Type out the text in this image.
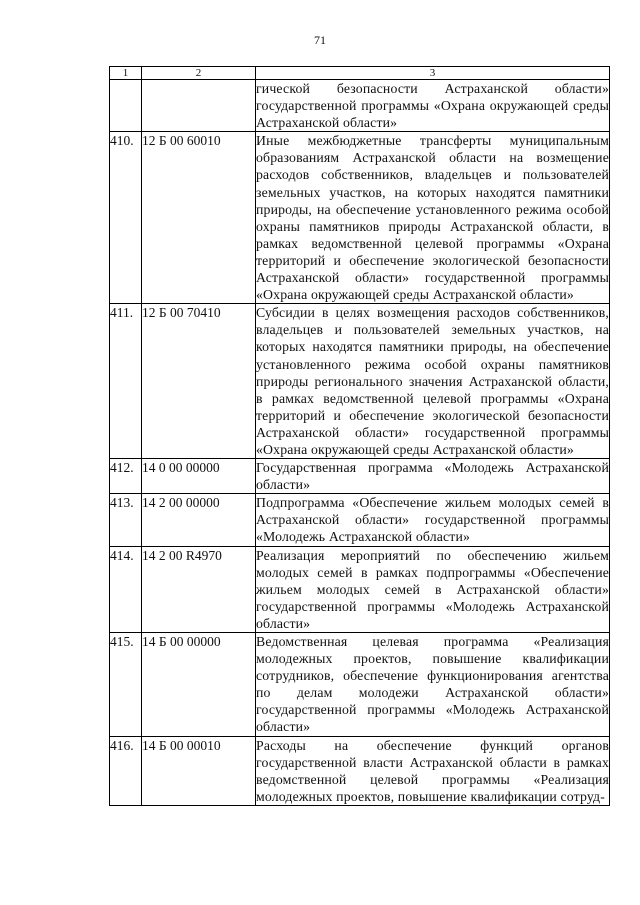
71
1	2	3
		гической безопасности Астраханской области» государственной программы «Охрана окружающей среды Астраханской области»
410.	12 Б 00 60010	Иные межбюджетные трансферты муниципальным образованиям Астраханской области на возмещение расходов собственников, владельцев и пользователей земельных участков, на которых находятся памятники природы, на обеспечение установленного режима особой охраны памятников природы Астраханской области, в рамках ведомственной целевой программы «Охрана территорий и обеспечение экологической безопасности Астраханской области» государственной программы «Охрана окружающей среды Астраханской области»
411.	12 Б 00 70410	Субсидии в целях возмещения расходов собственников, владельцев и пользователей земельных участков, на которых находятся памятники природы, на обеспечение установленного режима особой охраны памятников природы регионального значения Астраханской области, в рамках ведомственной целевой программы «Охрана территорий и обеспечение экологической безопасности Астраханской области» государственной программы «Охрана окружающей среды Астраханской области»
412.	14 0 00 00000	Государственная программа «Молодежь Астраханской области»
413.	14 2 00 00000	Подпрограмма «Обеспечение жильем молодых семей в Астраханской области» государственной программы «Молодежь Астраханской области»
414.	14 2 00 R4970	Реализация мероприятий по обеспечению жильем молодых семей в рамках подпрограммы «Обеспечение жильем молодых семей в Астраханской области» государственной программы «Молодежь Астраханской области»
415.	14 Б 00 00000	Ведомственная целевая программа «Реализация молодежных проектов, повышение квалификации сотрудников, обеспечение функционирования агентства по делам молодежи Астраханской области» государственной программы «Молодежь Астраханской области»
416.	14 Б 00 00010	Расходы на обеспечение функций органов государственной власти Астраханской области в рамках ведомственной целевой программы «Реализация молодежных проектов, повышение квалификации сотруд-
